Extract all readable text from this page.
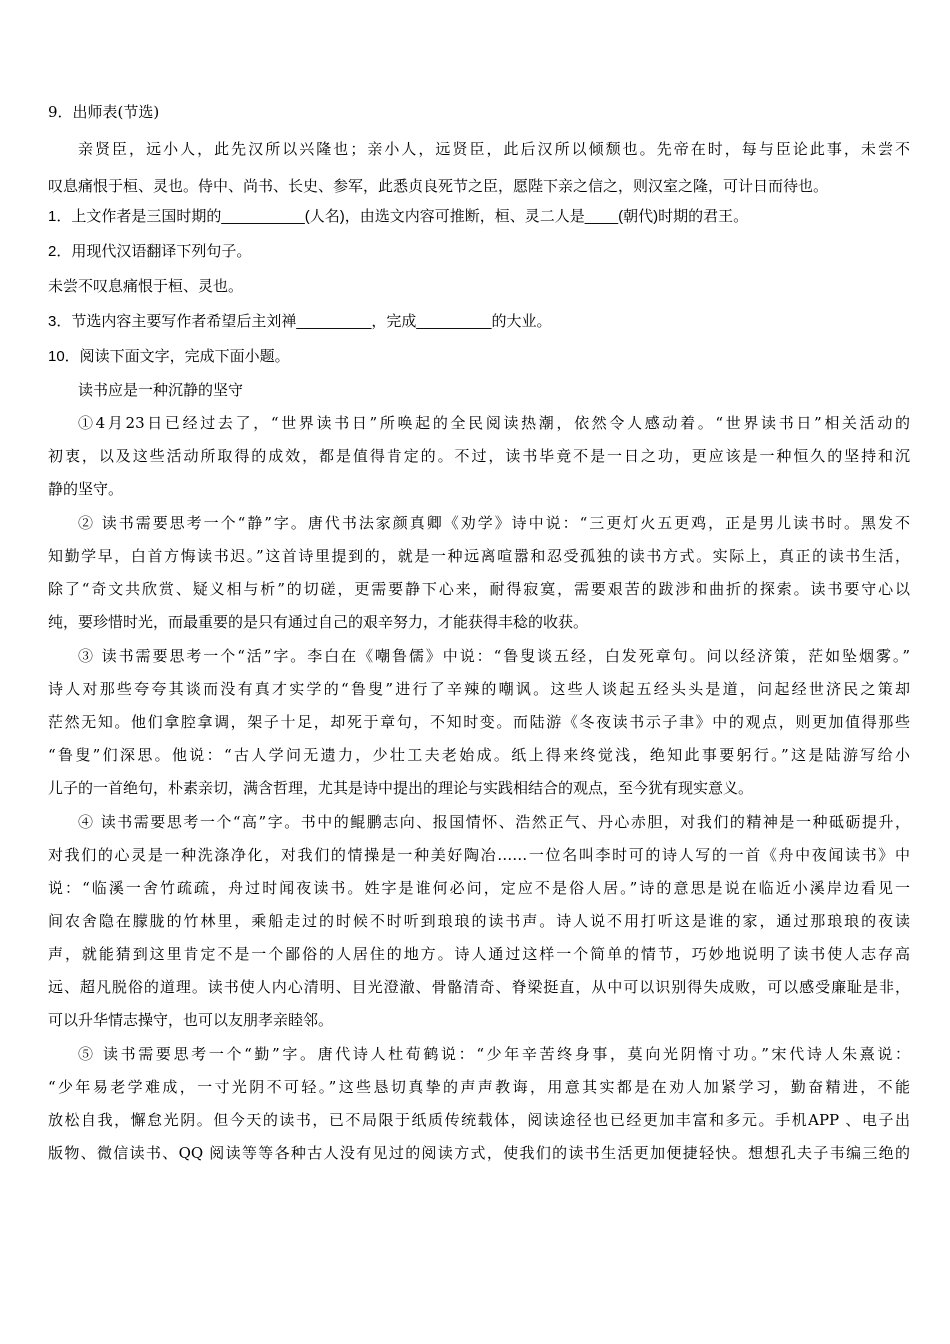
9．出师表(节选)
亲贤臣，远小人，此先汉所以兴隆也；亲小人，远贤臣，此后汉所以倾颓也。先帝在时，每与臣论此事，未尝不
叹息痛恨于桓、灵也。侍中、尚书、长史、参军，此悉贞良死节之臣，愿陛下亲之信之，则汉室之隆，可计日而待也。
1．上文作者是三国时期的__________(人名)，由选文内容可推断，桓、灵二人是____(朝代)时期的君王。
2．用现代汉语翻译下列句子。
未尝不叹息痛恨于桓、灵也。
3．节选内容主要写作者希望后主刘禅_________，完成_________的大业。
10．阅读下面文字，完成下面小题。
读书应是一种沉静的坚守
①4月23日已经过去了，“世界读书日”所唤起的全民阅读热潮，依然令人感动着。“世界读书日”相关活动的
初衷，以及这些活动所取得的成效，都是值得肯定的。不过，读书毕竟不是一日之功，更应该是一种恒久的坚持和沉
静的坚守。
② 读书需要思考一个“静”字。唐代书法家颜真卿《劝学》诗中说：“三更灯火五更鸡，正是男儿读书时。黑发不
知勤学早，白首方悔读书迟。”这首诗里提到的，就是一种远离喧嚣和忍受孤独的读书方式。实际上，真正的读书生活，
除了“奇文共欣赏、疑义相与析”的切磋，更需要静下心来，耐得寂寞，需要艰苦的跋涉和曲折的探索。读书要守心以
纯，要珍惜时光，而最重要的是只有通过自己的艰辛努力，才能获得丰稔的收获。
③ 读书需要思考一个“活”字。李白在《嘲鲁儒》中说：“鲁叟谈五经，白发死章句。问以经济策，茫如坠烟雾。”
诗人对那些夸夸其谈而没有真才实学的“鲁叟”进行了辛辣的嘲讽。这些人谈起五经头头是道，问起经世济民之策却
茫然无知。他们拿腔拿调，架子十足，却死于章句，不知时变。而陆游《冬夜读书示子聿》中的观点，则更加值得那些
“鲁叟”们深思。他说：“古人学问无遗力，少壮工夫老始成。纸上得来终觉浅，绝知此事要躬行。”这是陆游写给小
儿子的一首绝句，朴素亲切，满含哲理，尤其是诗中提出的理论与实践相结合的观点，至今犹有现实意义。
④ 读书需要思考一个“高”字。书中的鲲鹏志向、报国情怀、浩然正气、丹心赤胆，对我们的精神是一种砥砺提升，
对我们的心灵是一种洗涤净化，对我们的情操是一种美好陶冶……一位名叫李时可的诗人写的一首《舟中夜闻读书》中
说：“临溪一舍竹疏疏，舟过时闻夜读书。姓字是谁何必问，定应不是俗人居。”诗的意思是说在临近小溪岸边看见一
间农舍隐在朦胧的竹林里，乘船走过的时候不时听到琅琅的读书声。诗人说不用打听这是谁的家，通过那琅琅的夜读
声，就能猜到这里肯定不是一个鄙俗的人居住的地方。诗人通过这样一个简单的情节，巧妙地说明了读书使人志存高
远、超凡脱俗的道理。读书使人内心清明、目光澄澈、骨骼清奇、脊梁挺直，从中可以识别得失成败，可以感受廉耻是非，
可以升华情志操守，也可以友朋孝亲睦邻。
⑤ 读书需要思考一个“勤”字。唐代诗人杜荀鹤说：“少年辛苦终身事，莫向光阴惰寸功。”宋代诗人朱熹说：
“少年易老学难成，一寸光阴不可轻。”这些恳切真挚的声声教诲，用意其实都是在劝人加紧学习，勤奋精进，不能
放松自我，懈怠光阴。但今天的读书，已不局限于纸质传统载体，阅读途径也已经更加丰富和多元。手机APP 、电子出
版物、微信读书、QQ 阅读等等各种古人没有见过的阅读方式，使我们的读书生活更加便捷轻快。想想孔夫子韦编三绝的
